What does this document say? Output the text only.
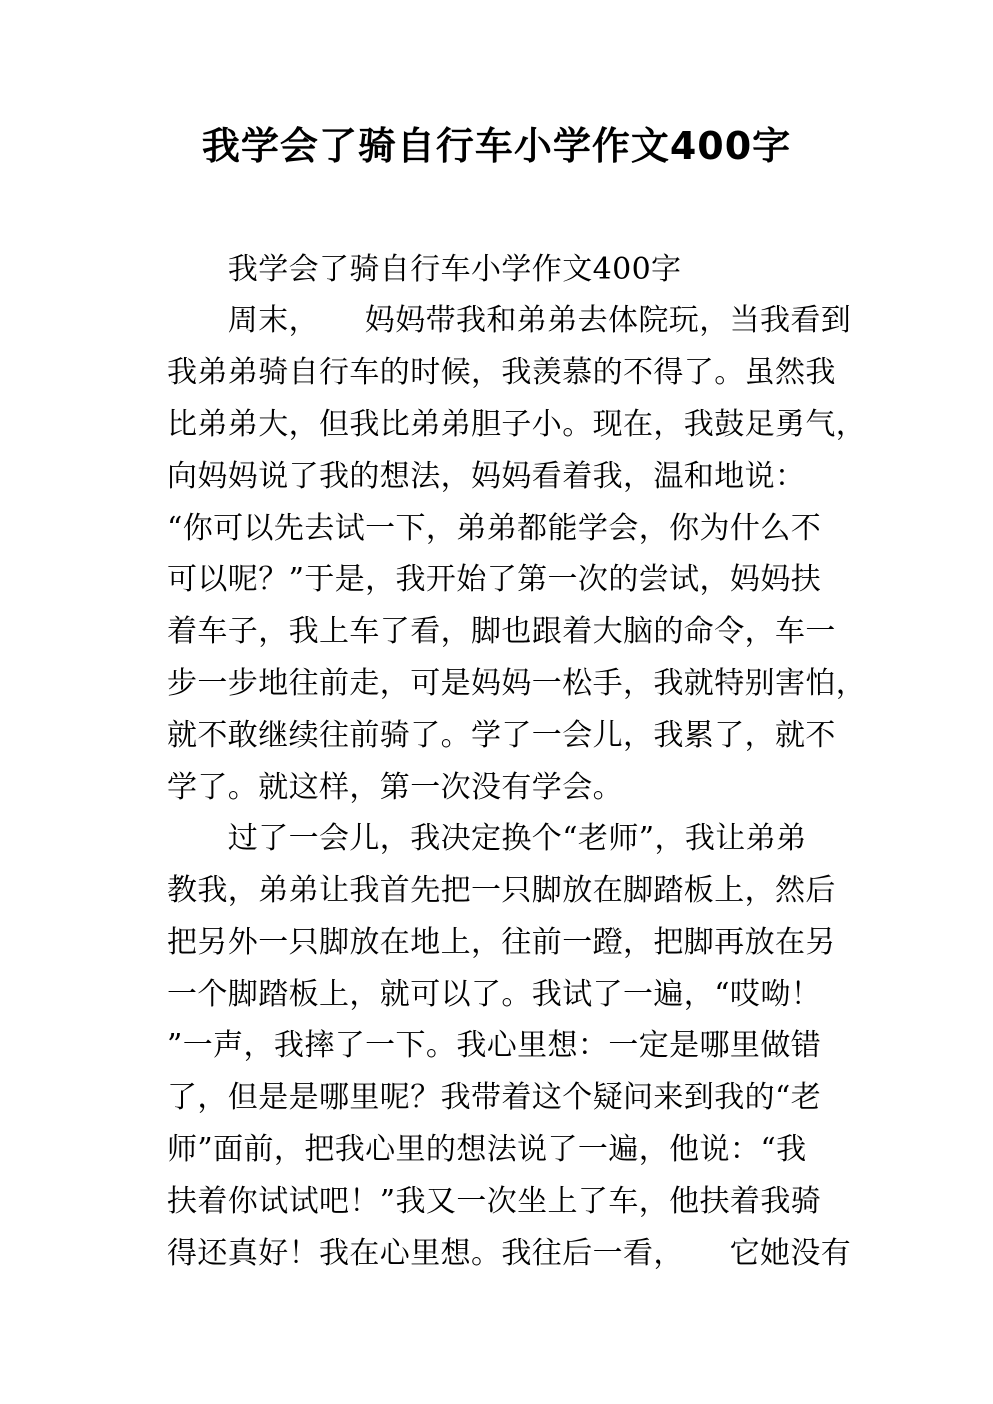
我学会了骑自行车小学作文400字
　　我学会了骑自行车小学作文400字
　　周末，　　妈妈带我和弟弟去体院玩，当我看到
我弟弟骑自行车的时候，我羡慕的不得了。虽然我
比弟弟大，但我比弟弟胆子小。现在，我鼓足勇气，
向妈妈说了我的想法，妈妈看着我，温和地说：
“你可以先去试一下，弟弟都能学会，你为什么不
可以呢？”于是，我开始了第一次的尝试，妈妈扶
着车子，我上车了看，脚也跟着大脑的命令，车一
步一步地往前走，可是妈妈一松手，我就特别害怕，
就不敢继续往前骑了。学了一会儿，我累了，就不
学了。就这样，第一次没有学会。
　　过了一会儿，我决定换个“老师”，我让弟弟
教我，弟弟让我首先把一只脚放在脚踏板上，然后
把另外一只脚放在地上，往前一蹬，把脚再放在另
一个脚踏板上，就可以了。我试了一遍，“哎呦！
”一声，我摔了一下。我心里想：一定是哪里做错
了，但是是哪里呢？我带着这个疑问来到我的“老
师”面前，把我心里的想法说了一遍，他说：“我
扶着你试试吧！”我又一次坐上了车，他扶着我骑
得还真好！我在心里想。我往后一看，　　它她没有
